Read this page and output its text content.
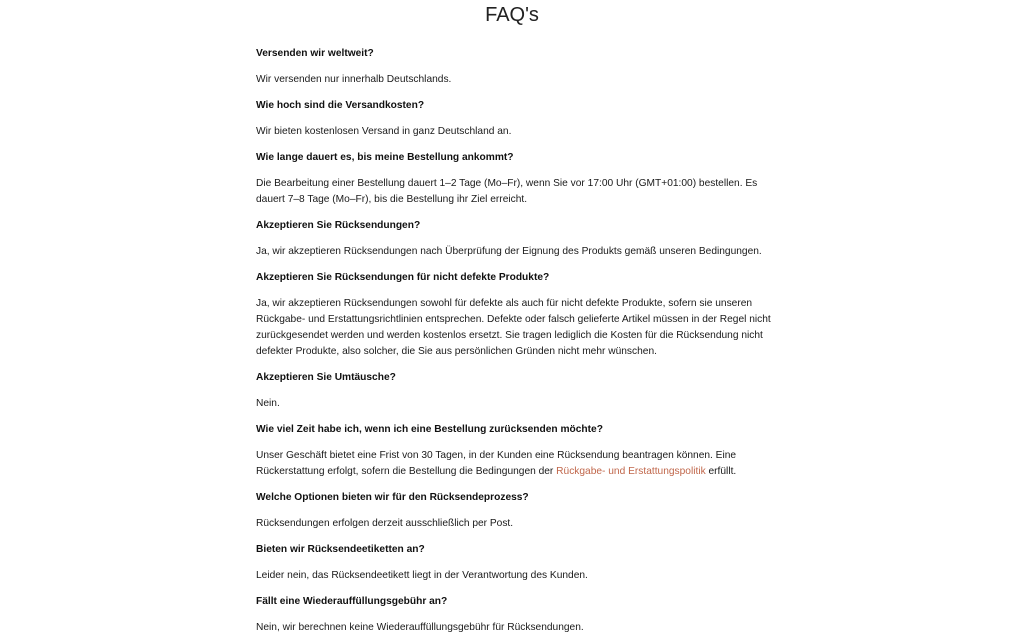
FAQ's

Versenden wir weltweit?

Wir versenden nur innerhalb Deutschlands.

Wie hoch sind die Versandkosten?

Wir bieten kostenlosen Versand in ganz Deutschland an.

Wie lange dauert es, bis meine Bestellung ankommt?

Die Bearbeitung einer Bestellung dauert 1–2 Tage (Mo–Fr), wenn Sie vor 17:00 Uhr (GMT+01:00) bestellen. Es dauert 7–8 Tage (Mo–Fr), bis die Bestellung ihr Ziel erreicht.

Akzeptieren Sie Rücksendungen?

Ja, wir akzeptieren Rücksendungen nach Überprüfung der Eignung des Produkts gemäß unseren Bedingungen.

Akzeptieren Sie Rücksendungen für nicht defekte Produkte?

Ja, wir akzeptieren Rücksendungen sowohl für defekte als auch für nicht defekte Produkte, sofern sie unseren Rückgabe- und Erstattungsrichtlinien entsprechen. Defekte oder falsch gelieferte Artikel müssen in der Regel nicht zurückgesendet werden und werden kostenlos ersetzt. Sie tragen lediglich die Kosten für die Rücksendung nicht defekter Produkte, also solcher, die Sie aus persönlichen Gründen nicht mehr wünschen.

Akzeptieren Sie Umtäusche?

Nein.

Wie viel Zeit habe ich, wenn ich eine Bestellung zurücksenden möchte?

Unser Geschäft bietet eine Frist von 30 Tagen, in der Kunden eine Rücksendung beantragen können. Eine Rückerstattung erfolgt, sofern die Bestellung die Bedingungen der Rückgabe- und Erstattungspolitik erfüllt.

Welche Optionen bieten wir für den Rücksendeprozess?

Rücksendungen erfolgen derzeit ausschließlich per Post.

Bieten wir Rücksendeetiketten an?

Leider nein, das Rücksendeetikett liegt in der Verantwortung des Kunden.

Fällt eine Wiederauffüllungsgebühr an?

Nein, wir berechnen keine Wiederauffüllungsgebühr für Rücksendungen.
